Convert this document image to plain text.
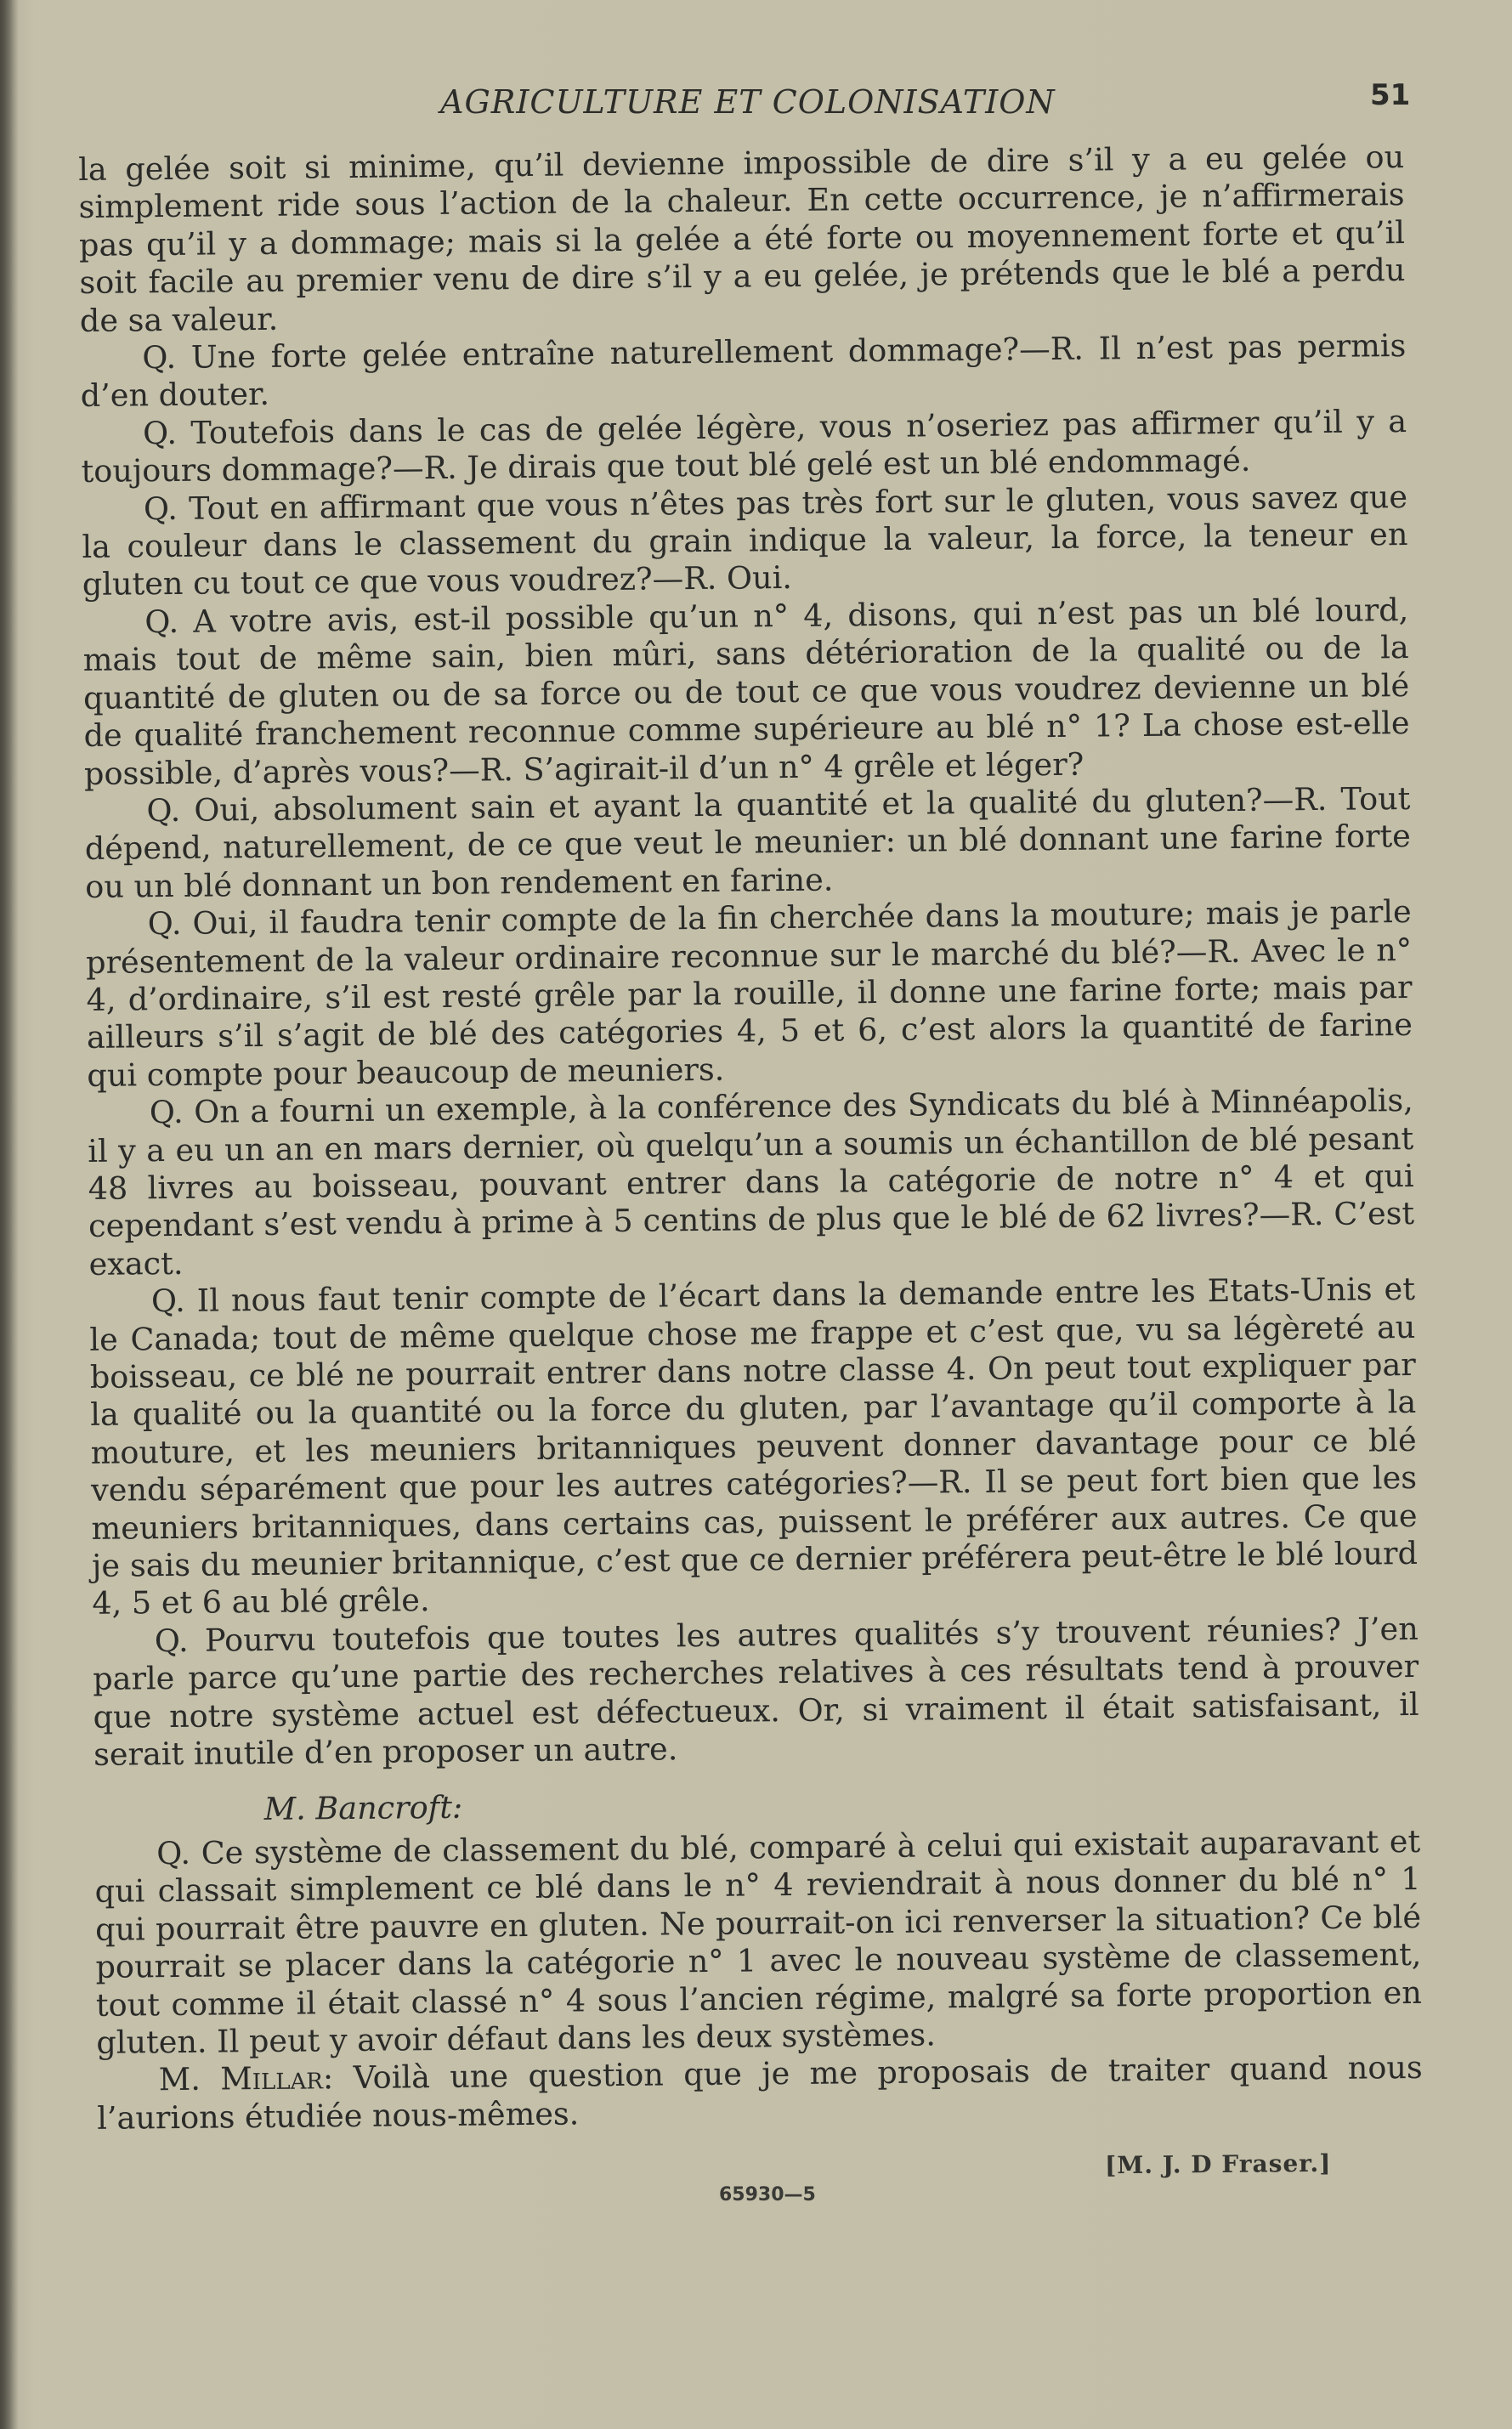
AGRICULTURE ET COLONISATION	51

la gelée soit si minime, qu’il devienne impossible de dire s’il y a eu gelée ou simplement ride sous l’action de la chaleur. En cette occurrence, je n’affirmerais pas qu’il y a dommage; mais si la gelée a été forte ou moyennement forte et qu’il soit facile au premier venu de dire s’il y a eu gelée, je prétends que le blé a perdu de sa valeur.

Q. Une forte gelée entraîne naturellement dommage?—R. Il n’est pas permis d’en douter.

Q. Toutefois dans le cas de gelée légère, vous n’oseriez pas affirmer qu’il y a toujours dommage?—R. Je dirais que tout blé gelé est un blé endommagé.

Q. Tout en affirmant que vous n’êtes pas très fort sur le gluten, vous savez que la couleur dans le classement du grain indique la valeur, la force, la teneur en gluten cu tout ce que vous voudrez?—R. Oui.

Q. A votre avis, est-il possible qu’un n° 4, disons, qui n’est pas un blé lourd, mais tout de même sain, bien mûri, sans détérioration de la qualité ou de la quantité de gluten ou de sa force ou de tout ce que vous voudrez devienne un blé de qualité franchement reconnue comme supérieure au blé n° 1? La chose est-elle possible, d’après vous?—R. S’agirait-il d’un n° 4 grêle et léger?

Q. Oui, absolument sain et ayant la quantité et la qualité du gluten?—R. Tout dépend, naturellement, de ce que veut le meunier: un blé donnant une farine forte ou un blé donnant un bon rendement en farine.

Q. Oui, il faudra tenir compte de la fin cherchée dans la mouture; mais je parle présentement de la valeur ordinaire reconnue sur le marché du blé?—R. Avec le n° 4, d’ordinaire, s’il est resté grêle par la rouille, il donne une farine forte; mais par ailleurs s’il s’agit de blé des catégories 4, 5 et 6, c’est alors la quantité de farine qui compte pour beaucoup de meuniers.

Q. On a fourni un exemple, à la conférence des Syndicats du blé à Minnéapolis, il y a eu un an en mars dernier, où quelqu’un a soumis un échantillon de blé pesant 48 livres au boisseau, pouvant entrer dans la catégorie de notre n° 4 et qui cependant s’est vendu à prime à 5 centins de plus que le blé de 62 livres?—R. C’est exact.

Q. Il nous faut tenir compte de l’écart dans la demande entre les Etats-Unis et le Canada; tout de même quelque chose me frappe et c’est que, vu sa légèreté au boisseau, ce blé ne pourrait entrer dans notre classe 4. On peut tout expliquer par la qualité ou la quantité ou la force du gluten, par l’avantage qu’il comporte à la mouture, et les meuniers britanniques peuvent donner davantage pour ce blé vendu séparément que pour les autres catégories?—R. Il se peut fort bien que les meuniers britanniques, dans certains cas, puissent le préférer aux autres. Ce que je sais du meunier britannique, c’est que ce dernier préférera peut-être le blé lourd 4, 5 et 6 au blé grêle.

Q. Pourvu toutefois que toutes les autres qualités s’y trouvent réunies? J’en parle parce qu’une partie des recherches relatives à ces résultats tend à prouver que notre système actuel est défectueux. Or, si vraiment il était satisfaisant, il serait inutile d’en proposer un autre.

M. Bancroft:

Q. Ce système de classement du blé, comparé à celui qui existait auparavant et qui classait simplement ce blé dans le n° 4 reviendrait à nous donner du blé n° 1 qui pourrait être pauvre en gluten. Ne pourrait-on ici renverser la situation? Ce blé pourrait se placer dans la catégorie n° 1 avec le nouveau système de classement, tout comme il était classé n° 4 sous l’ancien régime, malgré sa forte proportion en gluten. Il peut y avoir défaut dans les deux systèmes.

M. Millar: Voilà une question que je me proposais de traiter quand nous l’aurions étudiée nous-mêmes.

[M. J. D Fraser.]
65930—5
